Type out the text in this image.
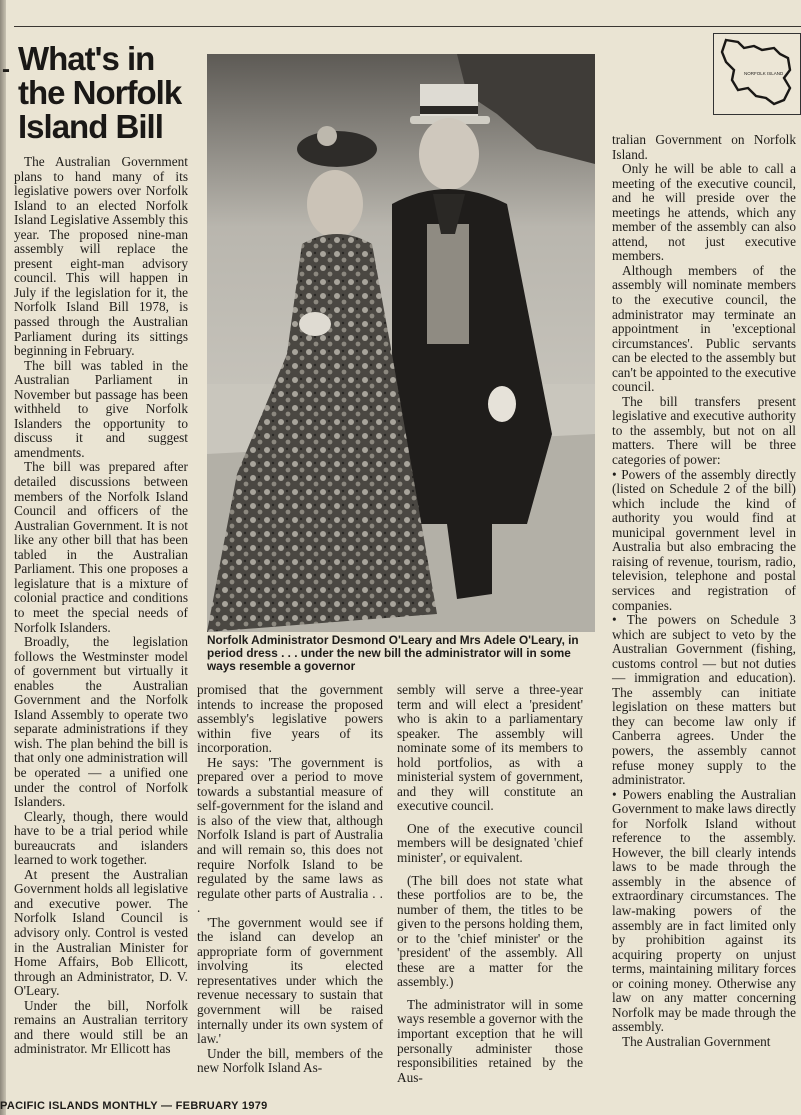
- What's in the Norfolk Island Bill

The Australian Government plans to hand many of its legislative powers over Norfolk Island to an elected Norfolk Island Legislative Assembly this year. The proposed nine-man assembly will replace the present eight-man advisory council. This will happen in July if the legislation for it, the Norfolk Island Bill 1978, is passed through the Australian Parliament during its sittings beginning in February.

The bill was tabled in the Australian Parliament in November but passage has been withheld to give Norfolk Islanders the opportunity to discuss it and suggest amendments.

The bill was prepared after detailed discussions between members of the Norfolk Island Council and officers of the Australian Government. It is not like any other bill that has been tabled in the Australian Parliament. This one proposes a legislature that is a mixture of colonial practice and conditions to meet the special needs of Norfolk Islanders.

Broadly, the legislation follows the Westminster model of government but virtually it enables the Australian Government and the Norfolk Island Assembly to operate two separate administrations if they wish. The plan behind the bill is that only one administration will be operated — a unified one under the control of Norfolk Islanders.

Clearly, though, there would have to be a trial period while bureaucrats and islanders learned to work together.

At present the Australian Government holds all legislative and executive power. The Norfolk Island Council is advisory only. Control is vested in the Australian Minister for Home Affairs, Bob Ellicott, through an Administrator, D. V. O'Leary.

Under the bill, Norfolk remains an Australian territory and there would still be an administrator. Mr Ellicott has

Norfolk Administrator Desmond O'Leary and Mrs Adele O'Leary, in period dress . . . under the new bill the administrator will in some ways resemble a governor

NORFOLK ISLAND

promised that the government intends to increase the proposed assembly's legislative powers within five years of its incorporation.

He says: 'The government is prepared over a period to move towards a substantial measure of self-government for the island and is also of the view that, although Norfolk Island is part of Australia and will remain so, this does not require Norfolk Island to be regulated by the same laws as regulate other parts of Australia . . .

'The government would see if the island can develop an appropriate form of government involving its elected representatives under which the revenue necessary to sustain that government will be raised internally under its own system of law.'

Under the bill, members of the new Norfolk Island As-

sembly will serve a three-year term and will elect a 'president' who is akin to a parliamentary speaker. The assembly will nominate some of its members to hold portfolios, as with a ministerial system of government, and they will constitute an executive council.

One of the executive council members will be designated 'chief minister', or equivalent.

(The bill does not state what these portfolios are to be, the number of them, the titles to be given to the persons holding them, or to the 'chief minister' or the 'president' of the assembly. All these are a matter for the assembly.)

The administrator will in some ways resemble a governor with the important exception that he will personally administer those responsibilities retained by the Aus-

tralian Government on Norfolk Island.

Only he will be able to call a meeting of the executive council, and he will preside over the meetings he attends, which any member of the assembly can also attend, not just executive members.

Although members of the assembly will nominate members to the executive council, the administrator may terminate an appointment in 'exceptional circumstances'. Public servants can be elected to the assembly but can't be appointed to the executive council.

The bill transfers present legislative and executive authority to the assembly, but not on all matters. There will be three categories of power:

• Powers of the assembly directly (listed on Schedule 2 of the bill) which include the kind of authority you would find at municipal government level in Australia but also embracing the raising of revenue, tourism, radio, television, telephone and postal services and registration of companies.

• The powers on Schedule 3 which are subject to veto by the Australian Government (fishing, customs control — but not duties — immigration and education). The assembly can initiate legislation on these matters but they can become law only if Canberra agrees. Under the powers, the assembly cannot refuse money supply to the administrator.

• Powers enabling the Australian Government to make laws directly for Norfolk Island without reference to the assembly. However, the bill clearly intends laws to be made through the assembly in the absence of extraordinary circumstances. The law-making powers of the assembly are in fact limited only by prohibition against its acquiring property on unjust terms, maintaining military forces or coining money. Otherwise any law on any matter concerning Norfolk may be made through the assembly.

The Australian Government

PACIFIC ISLANDS MONTHLY — FEBRUARY 1979
